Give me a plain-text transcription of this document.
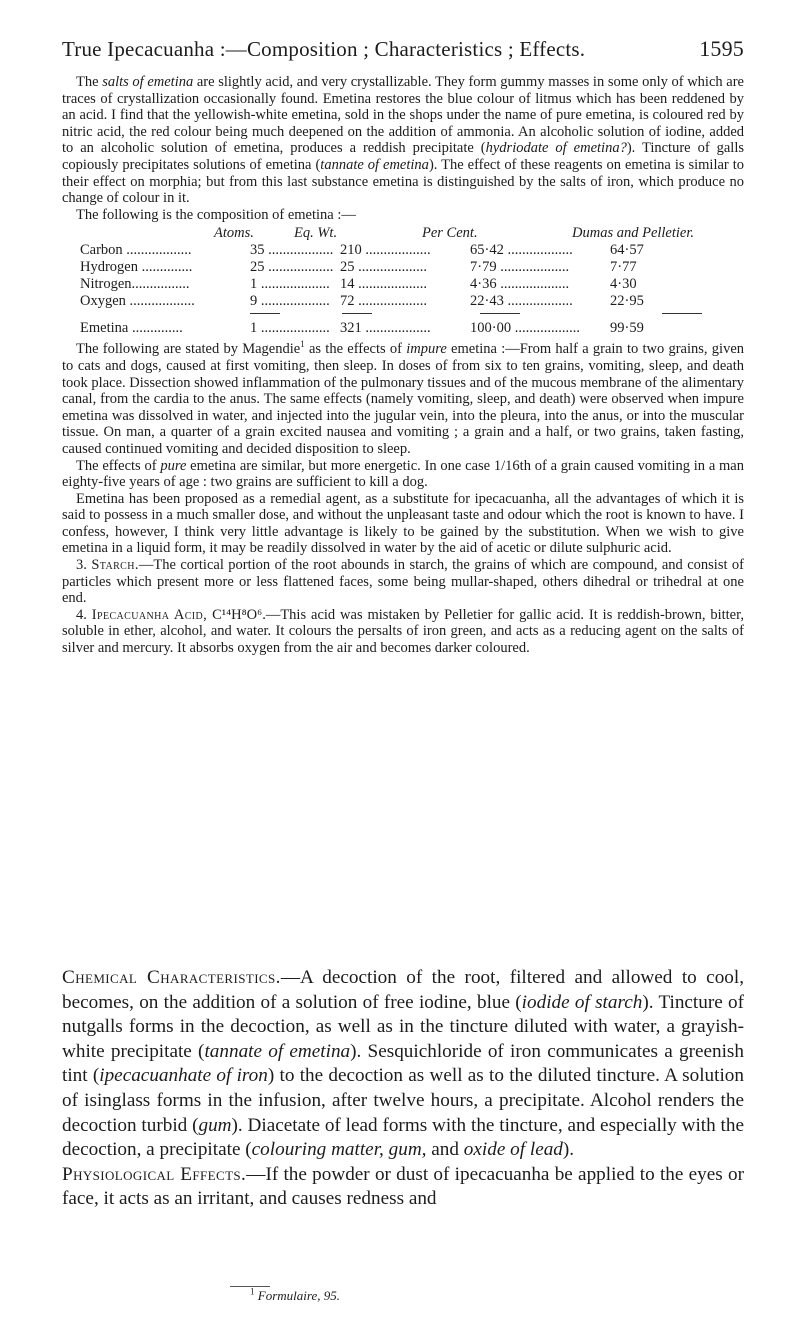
True Ipecacuanha :—Composition ; Characteristics ; Effects.	1595

The salts of emetina are slightly acid, and very crystallizable. They form gummy masses in some only of which are traces of crystallization occasionally found. Emetina restores the blue colour of litmus which has been reddened by an acid. I find that the yellowish-white emetina, sold in the shops under the name of pure emetina, is coloured red by nitric acid, the red colour being much deepened on the addition of ammonia. An alcoholic solution of iodine, added to an alcoholic solution of emetina, produces a reddish precipitate (hydriodate of emetina?). Tincture of galls copiously precipitates solutions of emetina (tannate of emetina). The effect of these reagents on emetina is similar to their effect on morphia; but from this last substance emetina is distinguished by the salts of iron, which produce no change of colour in it.

The following is the composition of emetina :—

Atoms.	Eq. Wt.	Per Cent.	Dumas and Pelletier.
Carbon ..................	35 .................. 210 ..................	65·42 ..................	64·57
Hydrogen ..............	25 .................. 25 ...................	7·79 ...................	7·77
Nitrogen................	1 ................... 14 ...................	4·36 ...................	4·30
Oxygen ..................	9 ................... 72 ...................	22·43 ..................	22·95
Emetina ..............	1 ................... 321 ..................	100·00 ..................	99·59

The following are stated by Magendie$^1$ as the effects of impure emetina :—From half a grain to two grains, given to cats and dogs, caused at first vomiting, then sleep. In doses of from six to ten grains, vomiting, sleep, and death took place. Dissection showed inflammation of the pulmonary tissues and of the mucous membrane of the alimentary canal, from the cardia to the anus. The same effects (namely vomiting, sleep, and death) were observed when impure emetina was dissolved in water, and injected into the jugular vein, into the pleura, into the anus, or into the muscular tissue. On man, a quarter of a grain excited nausea and vomiting ; a grain and a half, or two grains, taken fasting, caused continued vomiting and decided disposition to sleep.

The effects of pure emetina are similar, but more energetic. In one case 1/16th of a grain caused vomiting in a man eighty-five years of age : two grains are sufficient to kill a dog.

Emetina has been proposed as a remedial agent, as a substitute for ipecacuanha, all the advantages of which it is said to possess in a much smaller dose, and without the unpleasant taste and odour which the root is known to have. I confess, however, I think very little advantage is likely to be gained by the substitution. When we wish to give emetina in a liquid form, it may be readily dissolved in water by the aid of acetic or dilute sulphuric acid.

3. Starch.—The cortical portion of the root abounds in starch, the grains of which are compound, and consist of particles which present more or less flattened faces, some being mullar-shaped, others dihedral or trihedral at one end.

4. Ipecacuanha Acid, C¹⁴H⁸O⁶.—This acid was mistaken by Pelletier for gallic acid. It is reddish-brown, bitter, soluble in ether, alcohol, and water. It colours the persalts of iron green, and acts as a reducing agent on the salts of silver and mercury. It absorbs oxygen from the air and becomes darker coloured.

Chemical Characteristics.—A decoction of the root, filtered and allowed to cool, becomes, on the addition of a solution of free iodine, blue (iodide of starch). Tincture of nutgalls forms in the decoction, as well as in the tincture diluted with water, a grayish-white precipitate (tannate of emetina). Sesquichloride of iron communicates a greenish tint (ipecacuanhate of iron) to the decoction as well as to the diluted tincture. A solution of isinglass forms in the infusion, after twelve hours, a precipitate. Alcohol renders the decoction turbid (gum). Diacetate of lead forms with the tincture, and especially with the decoction, a precipitate (colouring matter, gum, and oxide of lead).

Physiological Effects.—If the powder or dust of ipecacuanha be applied to the eyes or face, it acts as an irritant, and causes redness and

$^1$ Formulaire, 95.
